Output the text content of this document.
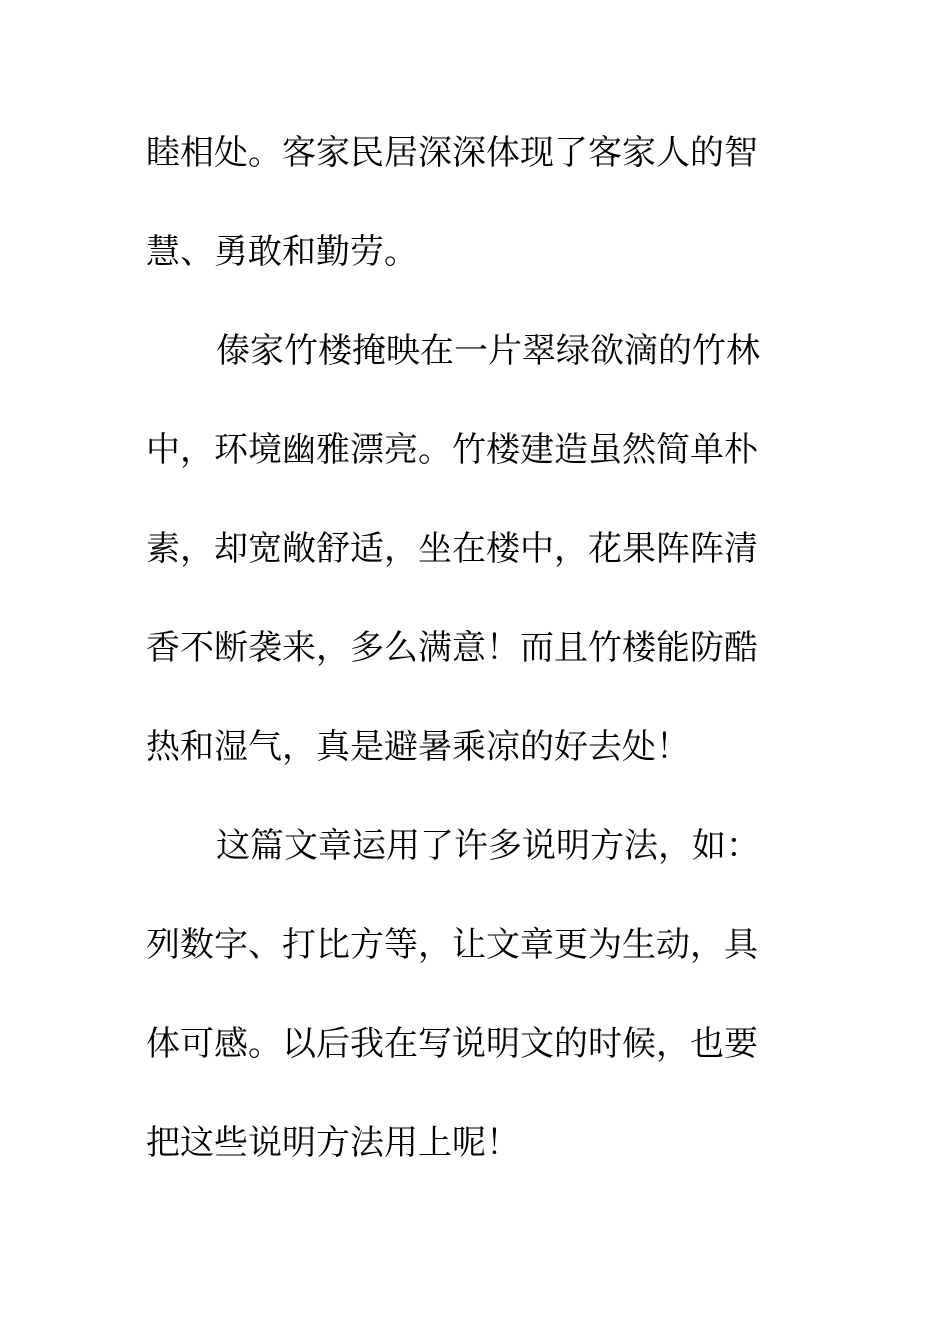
睦相处。客家民居深深体现了客家人的智
慧、勇敢和勤劳。
傣家竹楼掩映在一片翠绿欲滴的竹林
中，环境幽雅漂亮。竹楼建造虽然简单朴
素，却宽敞舒适，坐在楼中，花果阵阵清
香不断袭来，多么满意！而且竹楼能防酷
热和湿气，真是避暑乘凉的好去处！
这篇文章运用了许多说明方法，如：
列数字、打比方等，让文章更为生动，具
体可感。以后我在写说明文的时候，也要
把这些说明方法用上呢！
